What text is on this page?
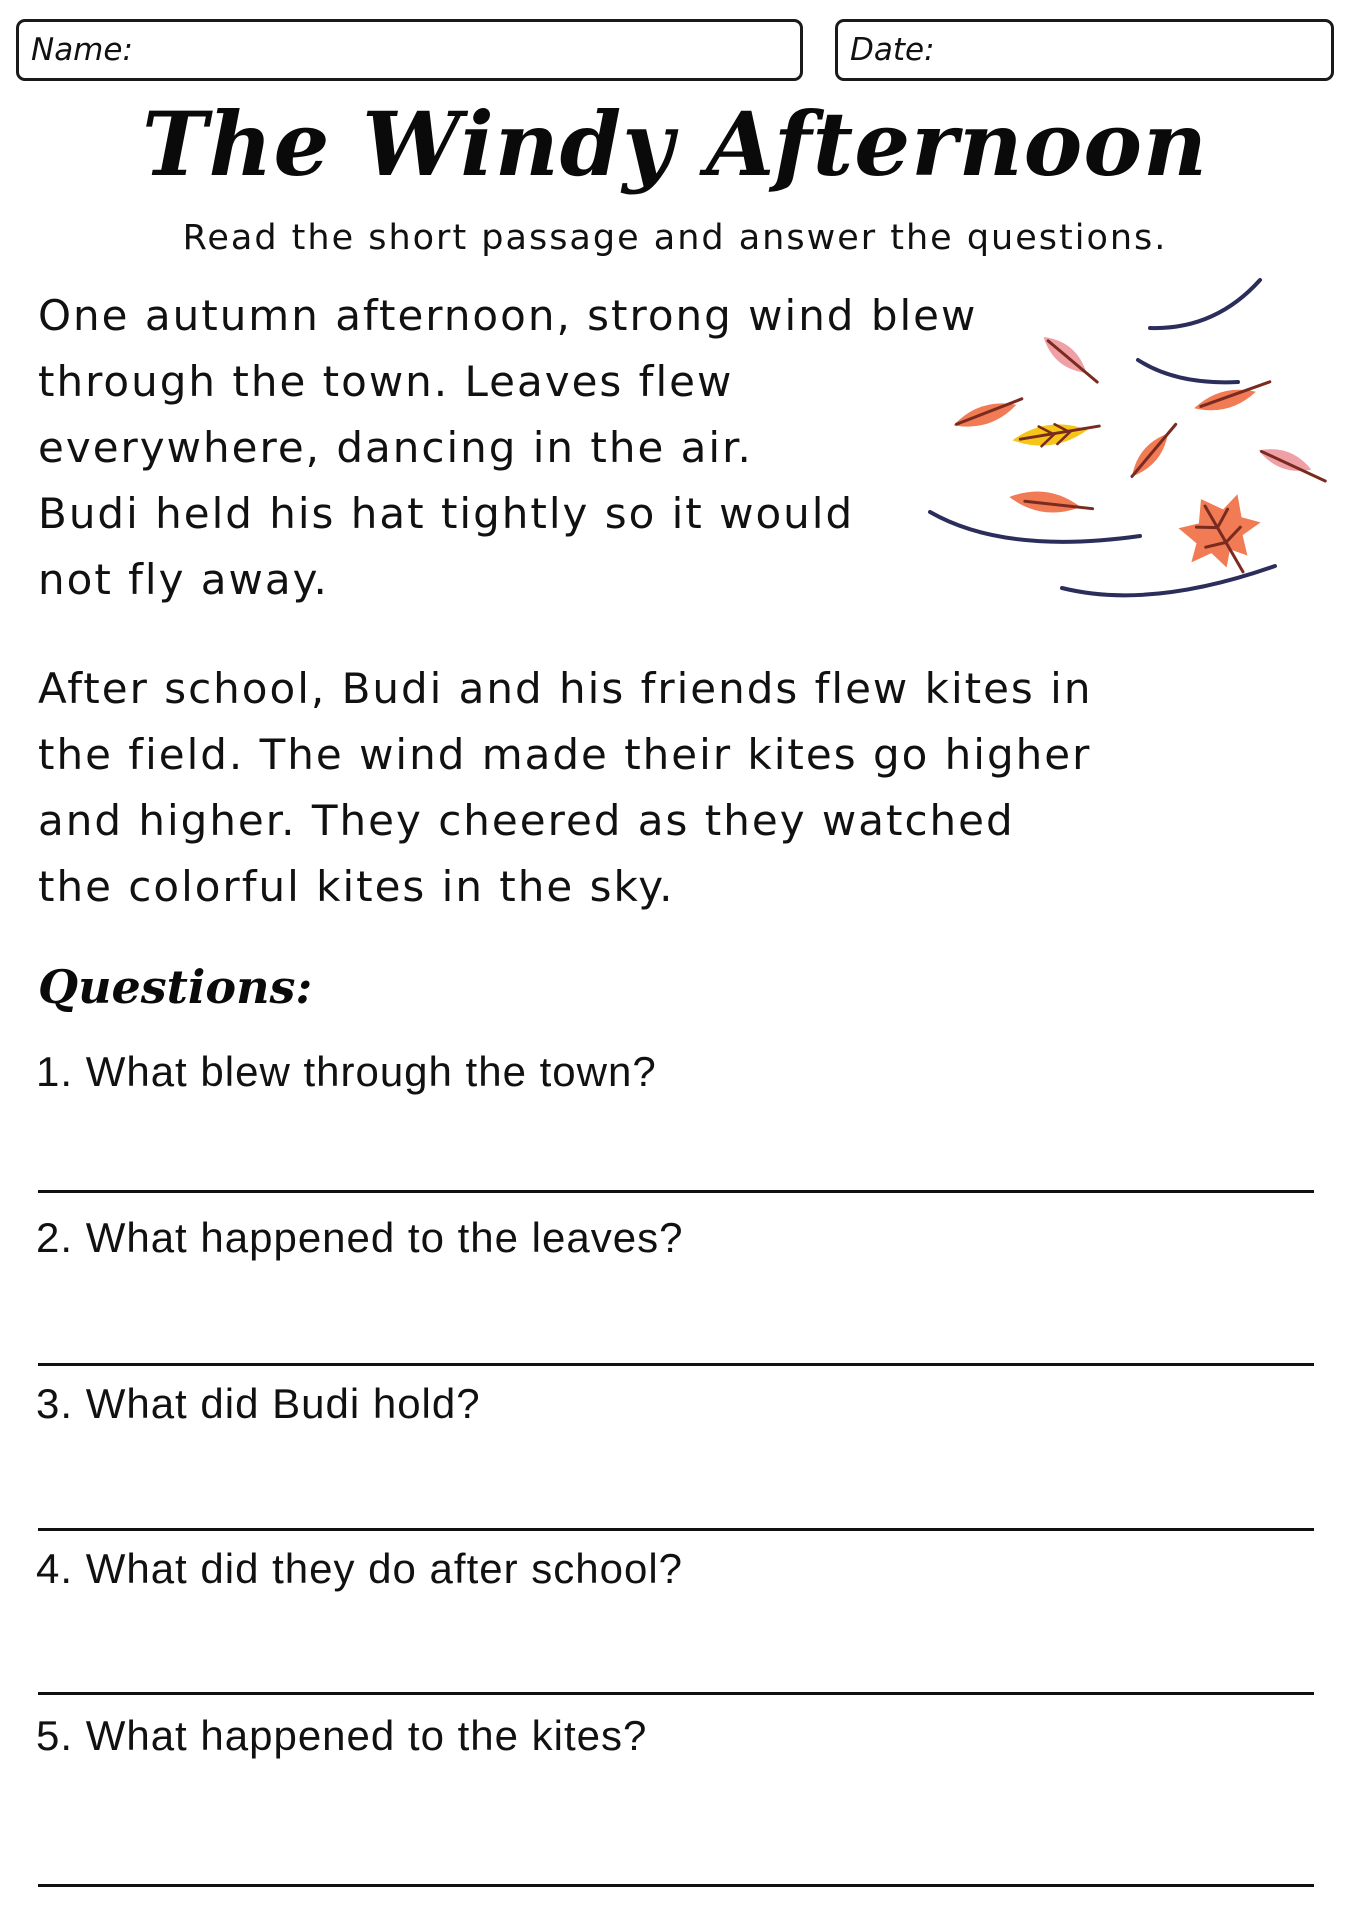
Name:	Date:
The Windy Afternoon
Read the short passage and answer the questions.

One autumn afternoon, strong wind blew
through the town. Leaves flew
everywhere, dancing in the air.
Budi held his hat tightly so it would
not fly away.

After school, Budi and his friends flew kites in
the field. The wind made their kites go higher
and higher. They cheered as they watched
the colorful kites in the sky.

Questions:
1. What blew through the town?
2. What happened to the leaves?
3. What did Budi hold?
4. What did they do after school?
5. What happened to the kites?
